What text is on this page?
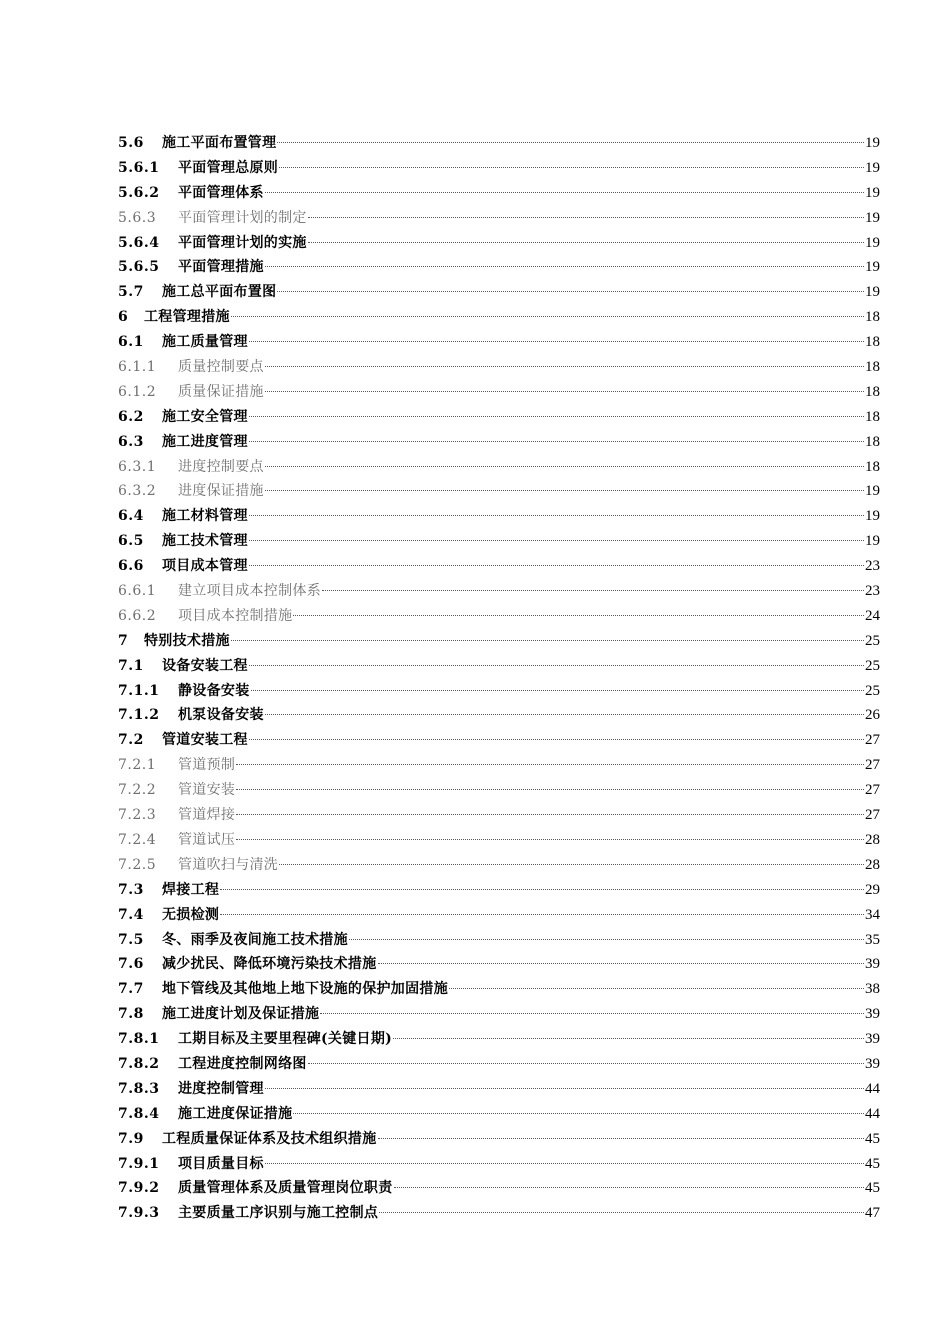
5.6 施工平面布置管理	19
5.6.1	平面管理总原则	19
5.6.2	平面管理体系	19
5.6.3	平面管理计划的制定	19
5.6.4	平面管理计划的实施	19
5.6.5	平面管理措施	19
5.7 施工总平面布置图	19
6 工程管理措施	18
6.1 施工质量管理	18
6.1.1	质量控制要点	18
6.1.2	质量保证措施	18
6.2 施工安全管理	18
6.3 施工进度管理	18
6.3.1	进度控制要点	18
6.3.2	进度保证措施	19
6.4 施工材料管理	19
6.5 施工技术管理	19
6.6 项目成本管理	23
6.6.1	建立项目成本控制体系	23
6.6.2	项目成本控制措施	24
7 特别技术措施	25
7.1 设备安装工程	25
7.1.1	静设备安装	25
7.1.2	机泵设备安装	26
7.2 管道安装工程	27
7.2.1	管道预制	27
7.2.2	管道安装	27
7.2.3	管道焊接	27
7.2.4	管道试压	28
7.2.5	管道吹扫与清洗	28
7.3 焊接工程	29
7.4 无损检测	34
7.5 冬、雨季及夜间施工技术措施	35
7.6 减少扰民、降低环境污染技术措施	39
7.7 地下管线及其他地上地下设施的保护加固措施	38
7.8 施工进度计划及保证措施	39
7.8.1	工期目标及主要里程碑(关键日期)	39
7.8.2	工程进度控制网络图	39
7.8.3	进度控制管理	44
7.8.4	施工进度保证措施	44
7.9 工程质量保证体系及技术组织措施	45
7.9.1	项目质量目标	45
7.9.2	质量管理体系及质量管理岗位职责	45
7.9.3	主要质量工序识别与施工控制点	47
